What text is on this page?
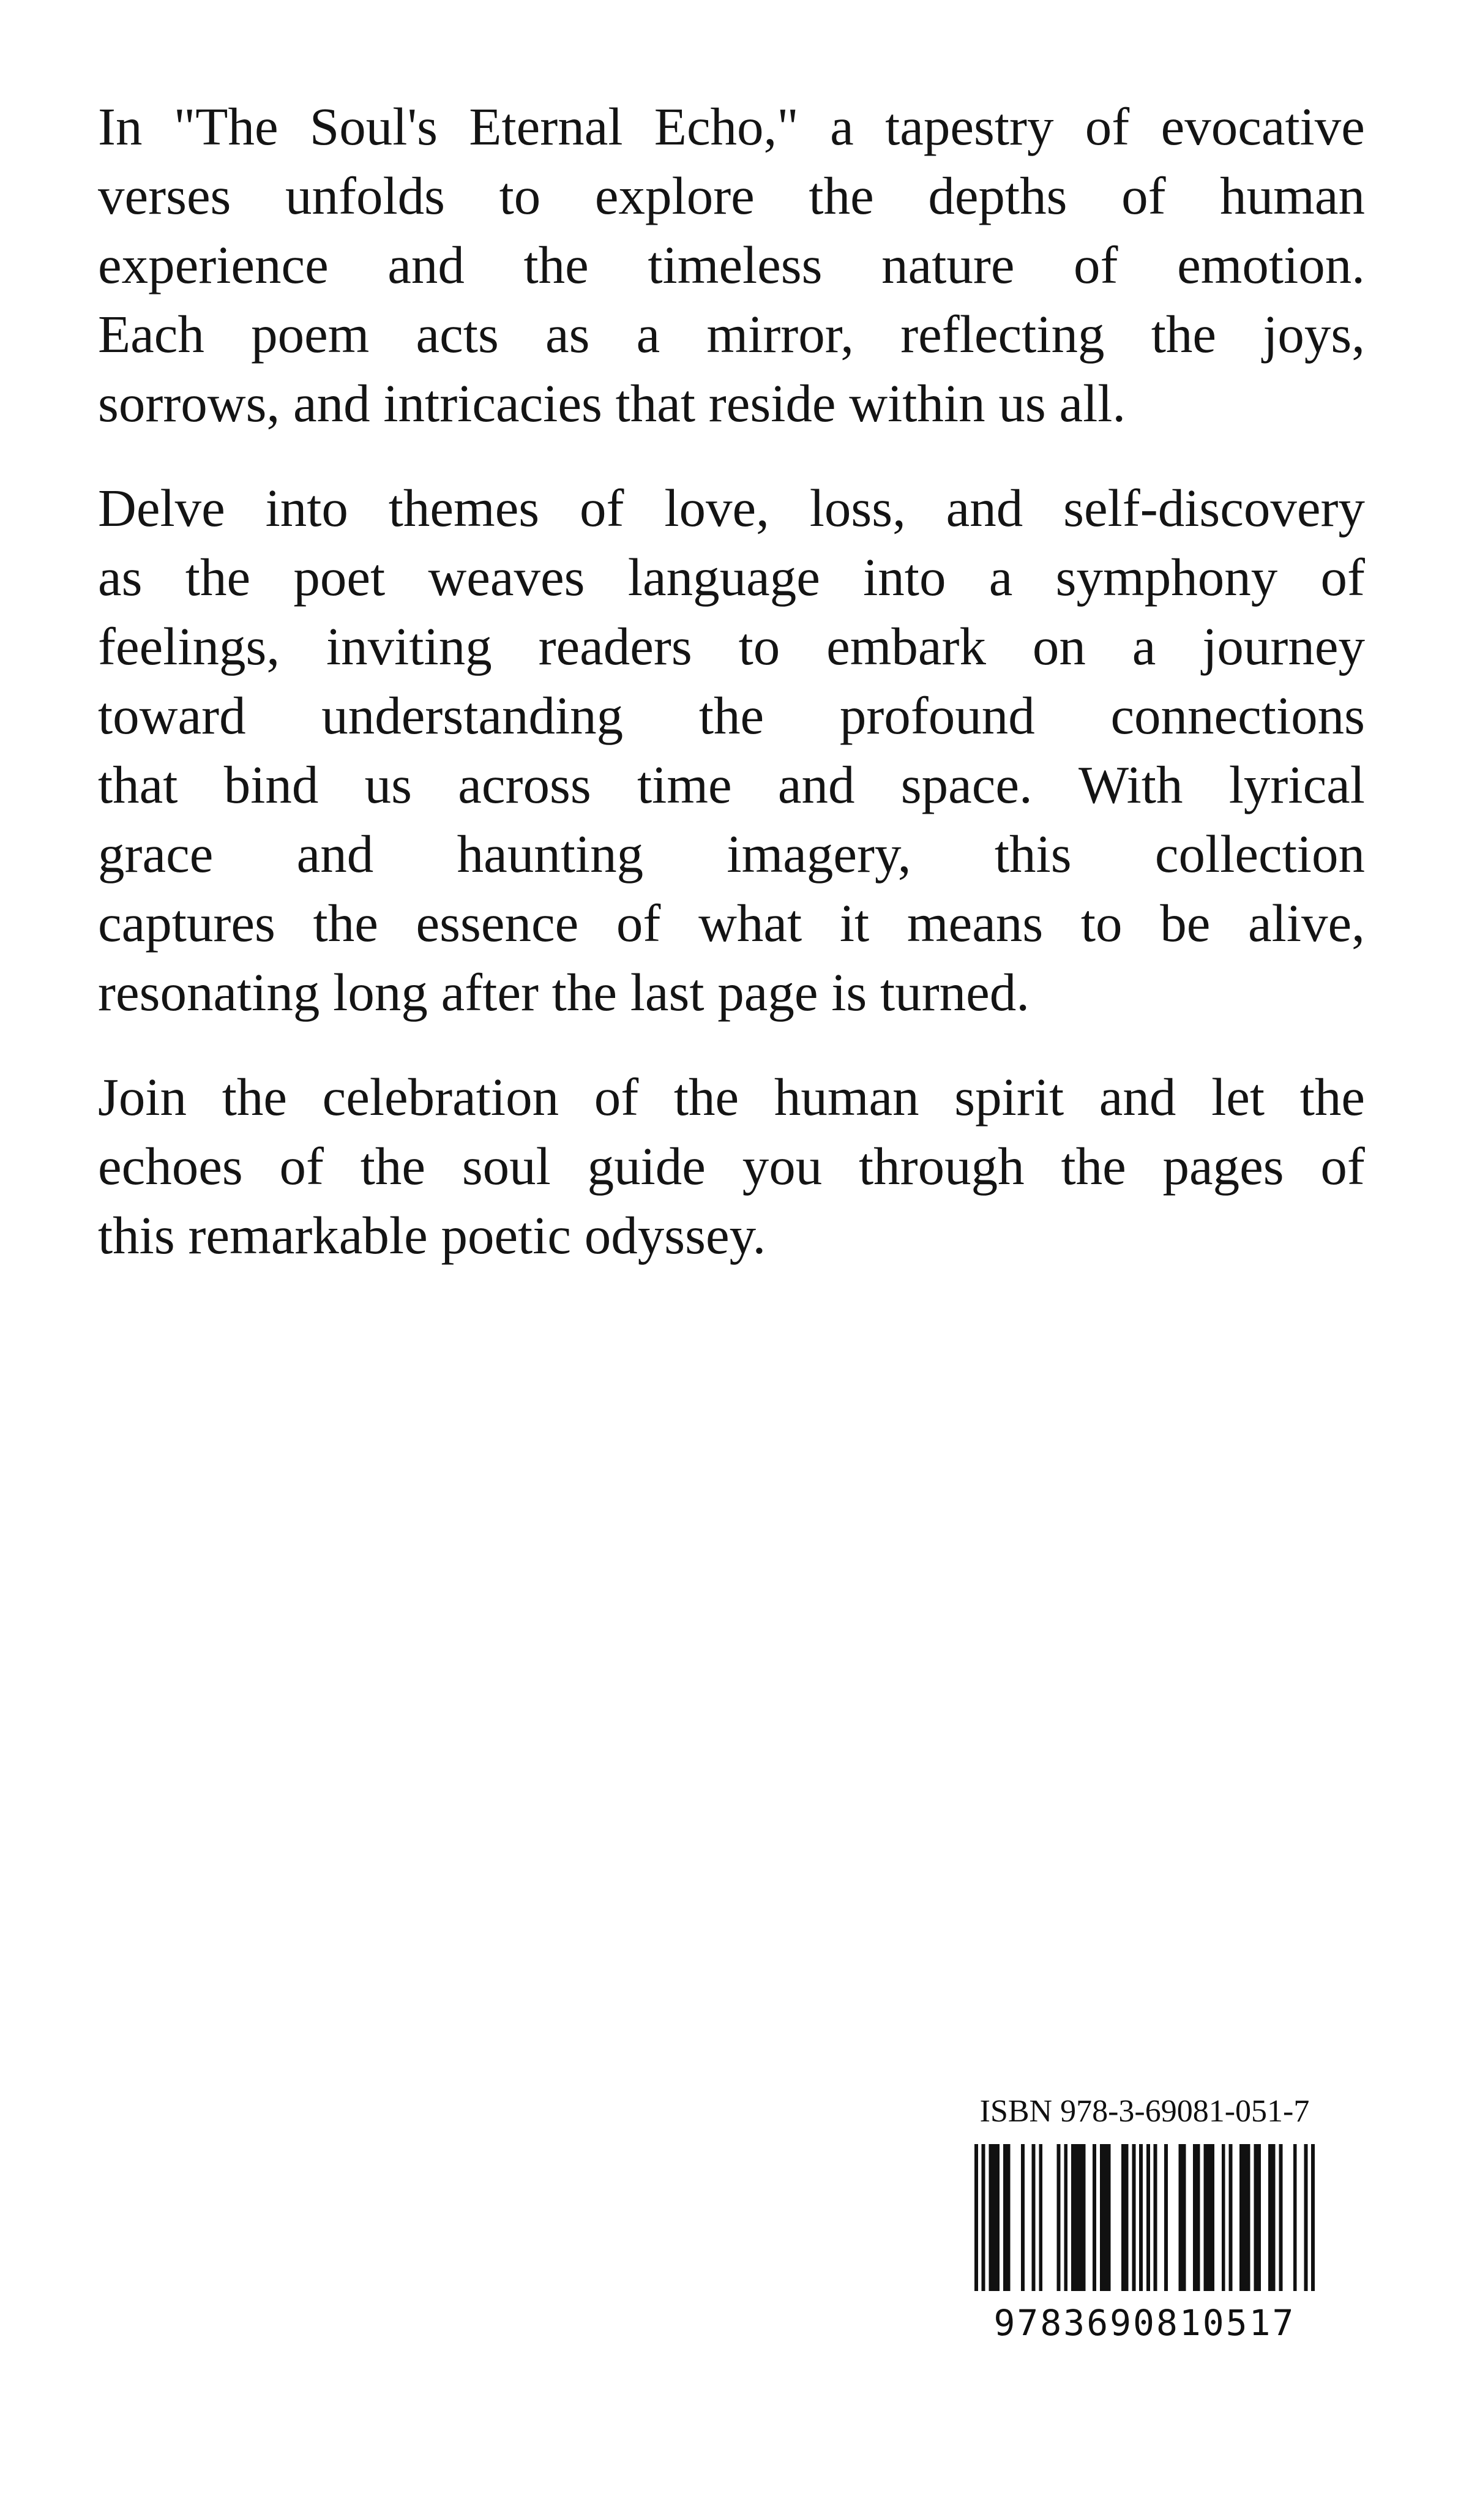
In "The Soul's Eternal Echo," a tapestry of evocative
verses unfolds to explore the depths of human
experience and the timeless nature of emotion.
Each poem acts as a mirror, reflecting the joys,
sorrows, and intricacies that reside within us all.

Delve into themes of love, loss, and self-discovery
as the poet weaves language into a symphony of
feelings, inviting readers to embark on a journey
toward understanding the profound connections
that bind us across time and space. With lyrical
grace and haunting imagery, this collection
captures the essence of what it means to be alive,
resonating long after the last page is turned.

Join the celebration of the human spirit and let the
echoes of the soul guide you through the pages of
this remarkable poetic odyssey.

ISBN 978-3-69081-051-7
9783690810517
